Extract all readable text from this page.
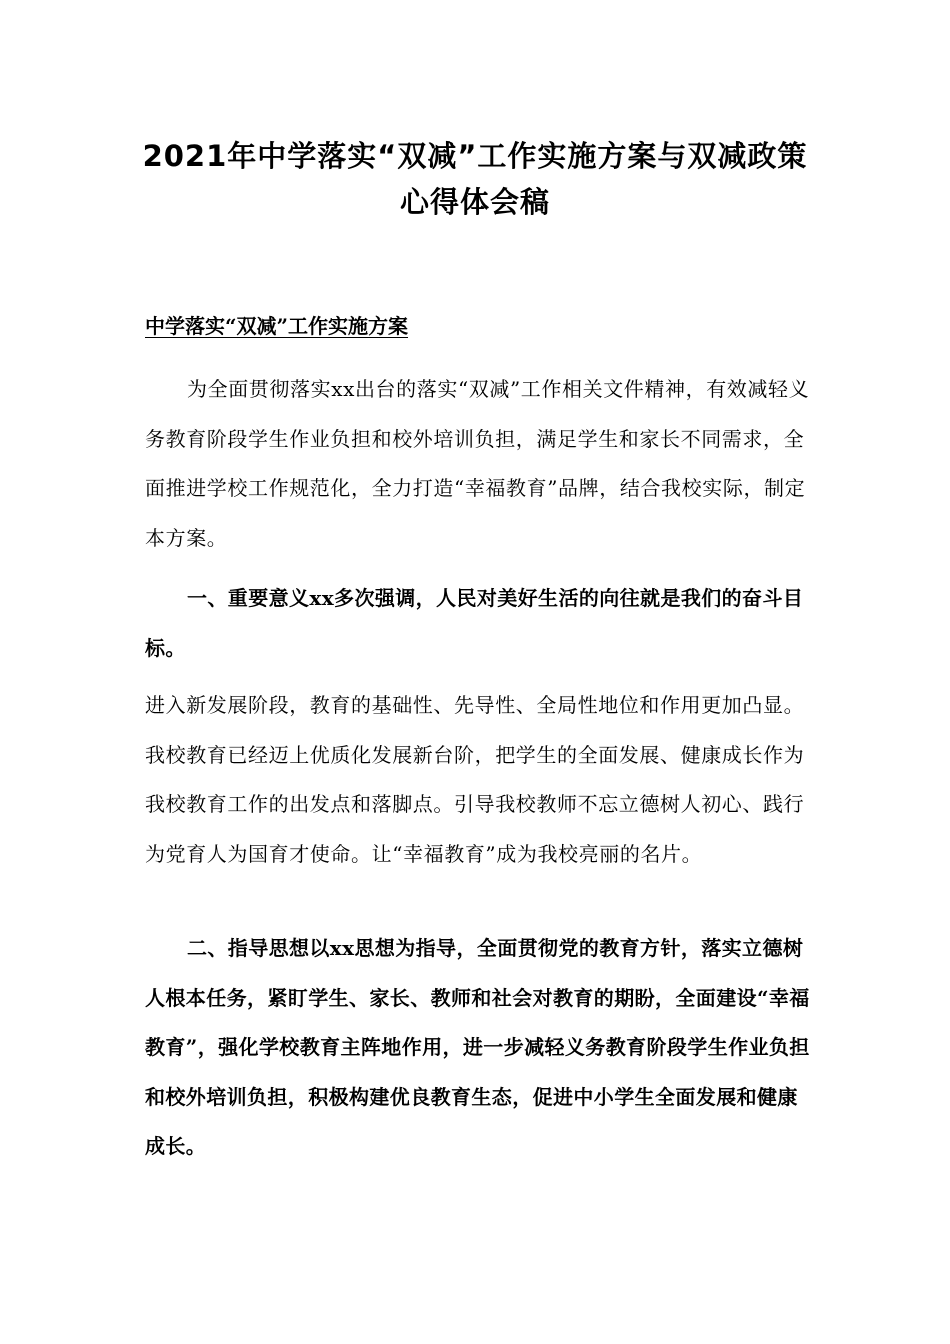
2021年中学落实“双减”工作实施方案与双减政策
心得体会稿
中学落实“双减”工作实施方案

为全面贯彻落实xx出台的落实“双减”工作相关文件精神，有效减轻义务教育阶段学生作业负担和校外培训负担，满足学生和家长不同需求，全面推进学校工作规范化，全力打造“幸福教育”品牌，结合我校实际，制定本方案。

一、重要意义xx多次强调，人民对美好生活的向往就是我们的奋斗目标。

进入新发展阶段，教育的基础性、先导性、全局性地位和作用更加凸显。我校教育已经迈上优质化发展新台阶，把学生的全面发展、健康成长作为我校教育工作的出发点和落脚点。引导我校教师不忘立德树人初心、践行为党育人为国育才使命。让“幸福教育”成为我校亮丽的名片。

二、指导思想以xx思想为指导，全面贯彻党的教育方针，落实立德树人根本任务，紧盯学生、家长、教师和社会对教育的期盼，全面建设“幸福教育”，强化学校教育主阵地作用，进一步减轻义务教育阶段学生作业负担和校外培训负担，积极构建优良教育生态，促进中小学生全面发展和健康成长。
